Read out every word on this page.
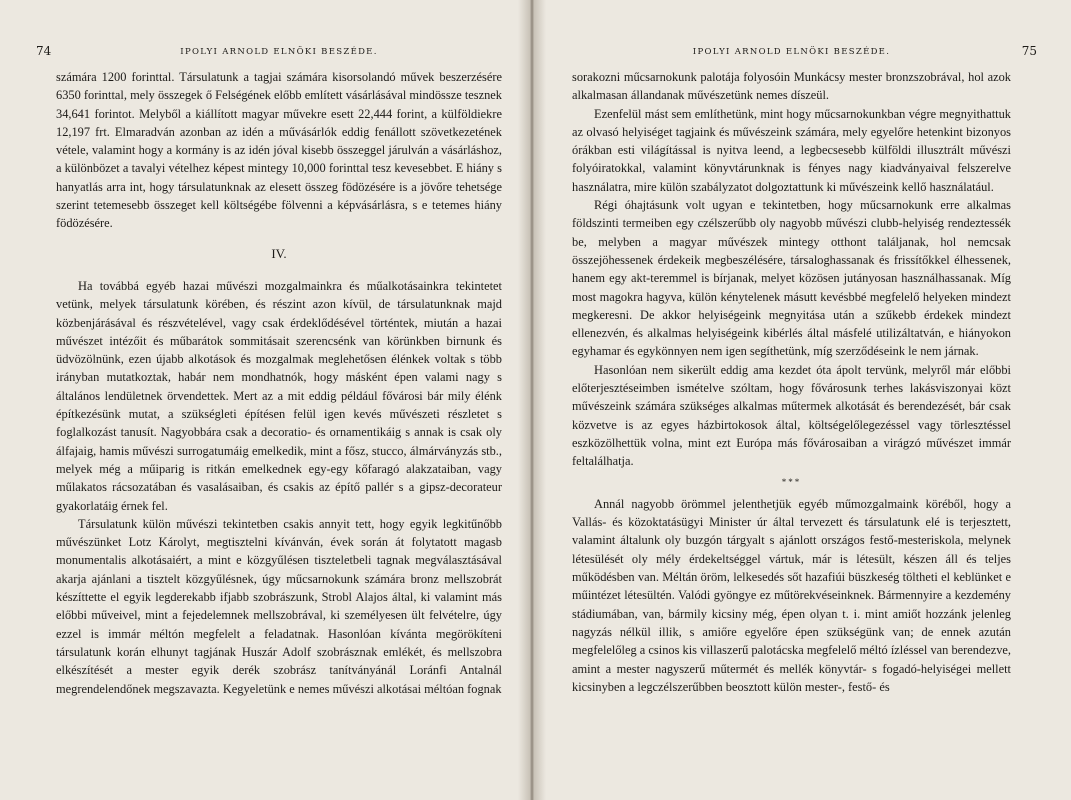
74	IPOLYI ARNOLD ELNÖKI BESZÉDE.

számára 1200 forinttal. Társulatunk a tagjai számára kisorsolandó művek beszerzésére 6350 forinttal, mely összegek ő Felségének előbb említett vásárlásával mindössze tesznek 34,641 forintot. Melyből a kiállított magyar művekre esett 22,444 forint, a külföldiekre 12,197 frt. Elmaradván azonban az idén a művásárlók eddig fenállott szövetkezetének vétele, valamint hogy a kormány is az idén jóval kisebb összeggel járulván a vásárláshoz, a különbözet a tavalyi vételhez képest mintegy 10,000 forinttal tesz kevesebbet. E hiány s hanyatlás arra int, hogy társulatunknak az elesett összeg födözésére is a jövőre tehetsége szerint tetemesebb összeget kell költségébe fölvenni a képvásárlásra, s e tetemes hiány födözésére.

IV.

Ha továbbá egyéb hazai művészi mozgalmainkra és műalkotásainkra tekintetet vetünk, melyek társulatunk körében, és részint azon kívül, de társulatunknak majd közbenjárásával és részvételével, vagy csak érdeklődésével történtek, miután a hazai művészet intézőit és műbarátok sommitásait szerencsénk van körünkben birnunk és üdvözölnünk, ezen újabb alkotások és mozgalmak meglehetősen élénkek voltak s több irányban mutatkoztak, habár nem mondhatnók, hogy másként épen valami nagy s általános lendületnek örvendettek. Mert az a mit eddig például fővárosi bár mily élénk építkezésünk mutat, a szükségleti építésen felül igen kevés művészeti részletet s foglalkozást tanusít. Nagyobbára csak a decoratio- és ornamentikáig s annak is csak oly álfajaig, hamis művészi surrogatumáig emelkedik, mint a fősz, stucco, álmárványzás stb., melyek még a műiparig is ritkán emelkednek egy-egy kőfaragó alakzataiban, vagy műlakatos rácsozatában és vasalásaiban, és csakis az építő pallér s a gipsz-decorateur gyakorlatáig érnek fel.

Társulatunk külön művészi tekintetben csakis annyit tett, hogy egyik legkitűnőbb művészünket Lotz Károlyt, megtisztelni kívánván, évek során át folytatott magasb monumentalis alkotásaiért, a mint e közgyűlésen tiszteletbeli tagnak megválasztásával akarja ajánlani a tisztelt közgyűlésnek, úgy műcsarnokunk számára bronz mellszobrát készíttette el egyik legderekabb ifjabb szobrászunk, Strobl Alajos által, ki valamint más előbbi műveivel, mint a fejedelemnek mellszobrával, ki személyesen ült felvételre, úgy ezzel is immár méltón megfelelt a feladatnak. Hasonlóan kívánta megörökíteni társulatunk korán elhunyt tagjának Huszár Adolf szobrásznak emlékét, és mellszobra elkészítését a mester egyik derék szobrász tanítványánál Loránfi Antalnál megrendelendőnek megszavazta. Kegyeletünk e nemes művészi alkotásai méltóan fognak

IPOLYI ARNOLD ELNÖKI BESZÉDE.	75

sorakozni műcsarnokunk palotája folyosóin Munkácsy mester bronzszobrával, hol azok alkalmasan állandanak művészetünk nemes díszeül.

Ezenfelül mást sem említhetünk, mint hogy műcsarnokunkban végre megnyithattuk az olvasó helyiséget tagjaink és művészeink számára, mely egyelőre hetenkint bizonyos órákban esti világítással is nyitva leend, a legbecsesebb külföldi illusztrált művészi folyóiratokkal, valamint könyvtárunknak is fényes nagy kiadványaival felszerelve használatra, mire külön szabályzatot dolgoztattunk ki művészeink kellő használatául.

Régi óhajtásunk volt ugyan e tekintetben, hogy műcsarnokunk erre alkalmas földszinti termeiben egy czélszerűbb oly nagyobb művészi clubb-helyiség rendeztessék be, melyben a magyar művészek mintegy otthont találjanak, hol nemcsak összejöhessenek érdekeik megbeszélésére, társaloghassanak és frissítőkkel élhessenek, hanem egy akt-teremmel is bírjanak, melyet közösen jutányosan használhassanak. Míg most magokra hagyva, külön kénytelenek másutt kevésbbé megfelelő helyeken mindezt megkeresni. De akkor helyiségeink megnyitása után a szűkebb érdekek mindezt ellenezvén, és alkalmas helyiségeink kibérlés által másfelé utilizáltatván, e hiányokon egyhamar és egykönnyen nem igen segíthetünk, míg szerződéseink le nem járnak.

Hasonlóan nem sikerült eddig ama kezdet óta ápolt tervünk, melyről már előbbi előterjesztéseimben ismételve szóltam, hogy fővárosunk terhes lakásviszonyai közt művészeink számára szükséges alkalmas műtermek alkotását és berendezését, bár csak közvetve is az egyes házbirtokosok által, költségelőlegezéssel vagy törlesztéssel eszközölhettük volna, mint ezt Európa más fővárosaiban a virágzó művészet immár feltalálhatja.

***

Annál nagyobb örömmel jelenthetjük egyéb műmozgalmaink köréből, hogy a Vallás- és közoktatásügyi Minister úr által tervezett és társulatunk elé is terjesztett, valamint általunk oly buzgón tárgyalt s ajánlott országos festő-mesteriskola, melynek létesülését oly mély érdekeltséggel vártuk, már is létesült, készen áll és teljes működésben van. Méltán öröm, lelkesedés sőt hazafiúi büszkeség töltheti el keblünket e műintézet létesültén. Valódi gyöngye ez műtörekvéseinknek. Bármennyire a kezdemény stádiumában, van, bármily kicsiny még, épen olyan t. i. mint amiőt hozzánk jelenleg nagyzás nélkül illik, s amiőre egyelőre épen szükségünk van; de ennek azután megfelelőleg a csinos kis villaszerű palotácska megfelelő méltó ízléssel van berendezve, amint a mester nagyszerű műtermét és mellék könyvtár- s fogadó-helyiségei mellett kicsinyben a legczélszerűbben beosztott külön mester-, festő- és
